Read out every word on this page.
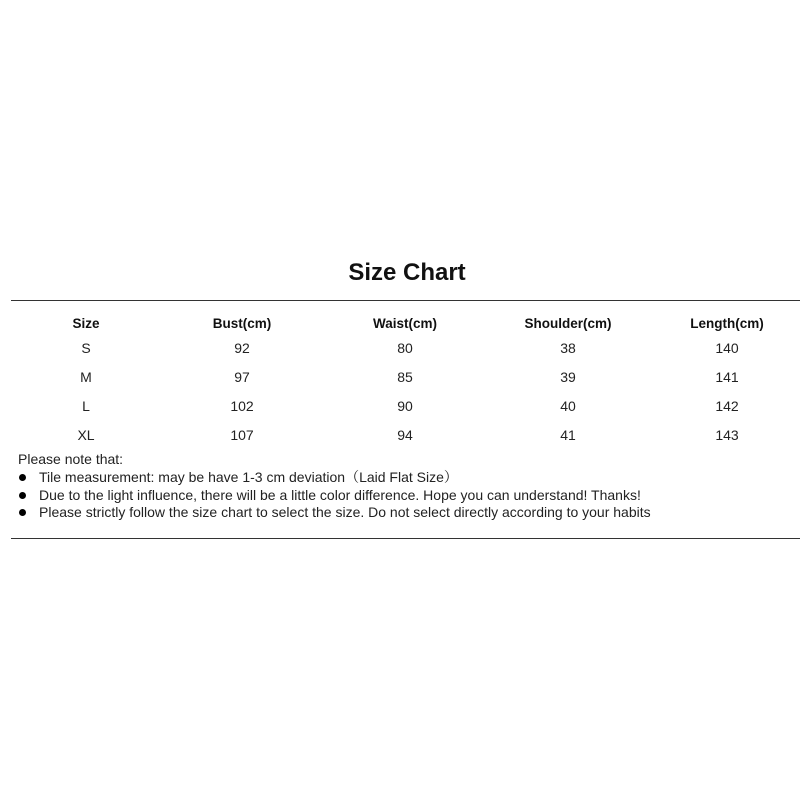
Size Chart
Size	Bust(cm)	Waist(cm)	Shoulder(cm)	Length(cm)
S	92	80	38	140
M	97	85	39	141
L	102	90	40	142
XL	107	94	41	143
Please note that:
Tile measurement: may be have 1-3 cm deviation（Laid Flat Size）
Due to the light influence, there will be a little color difference. Hope you can understand! Thanks!
Please strictly follow the size chart to select the size. Do not select directly according to your habits
